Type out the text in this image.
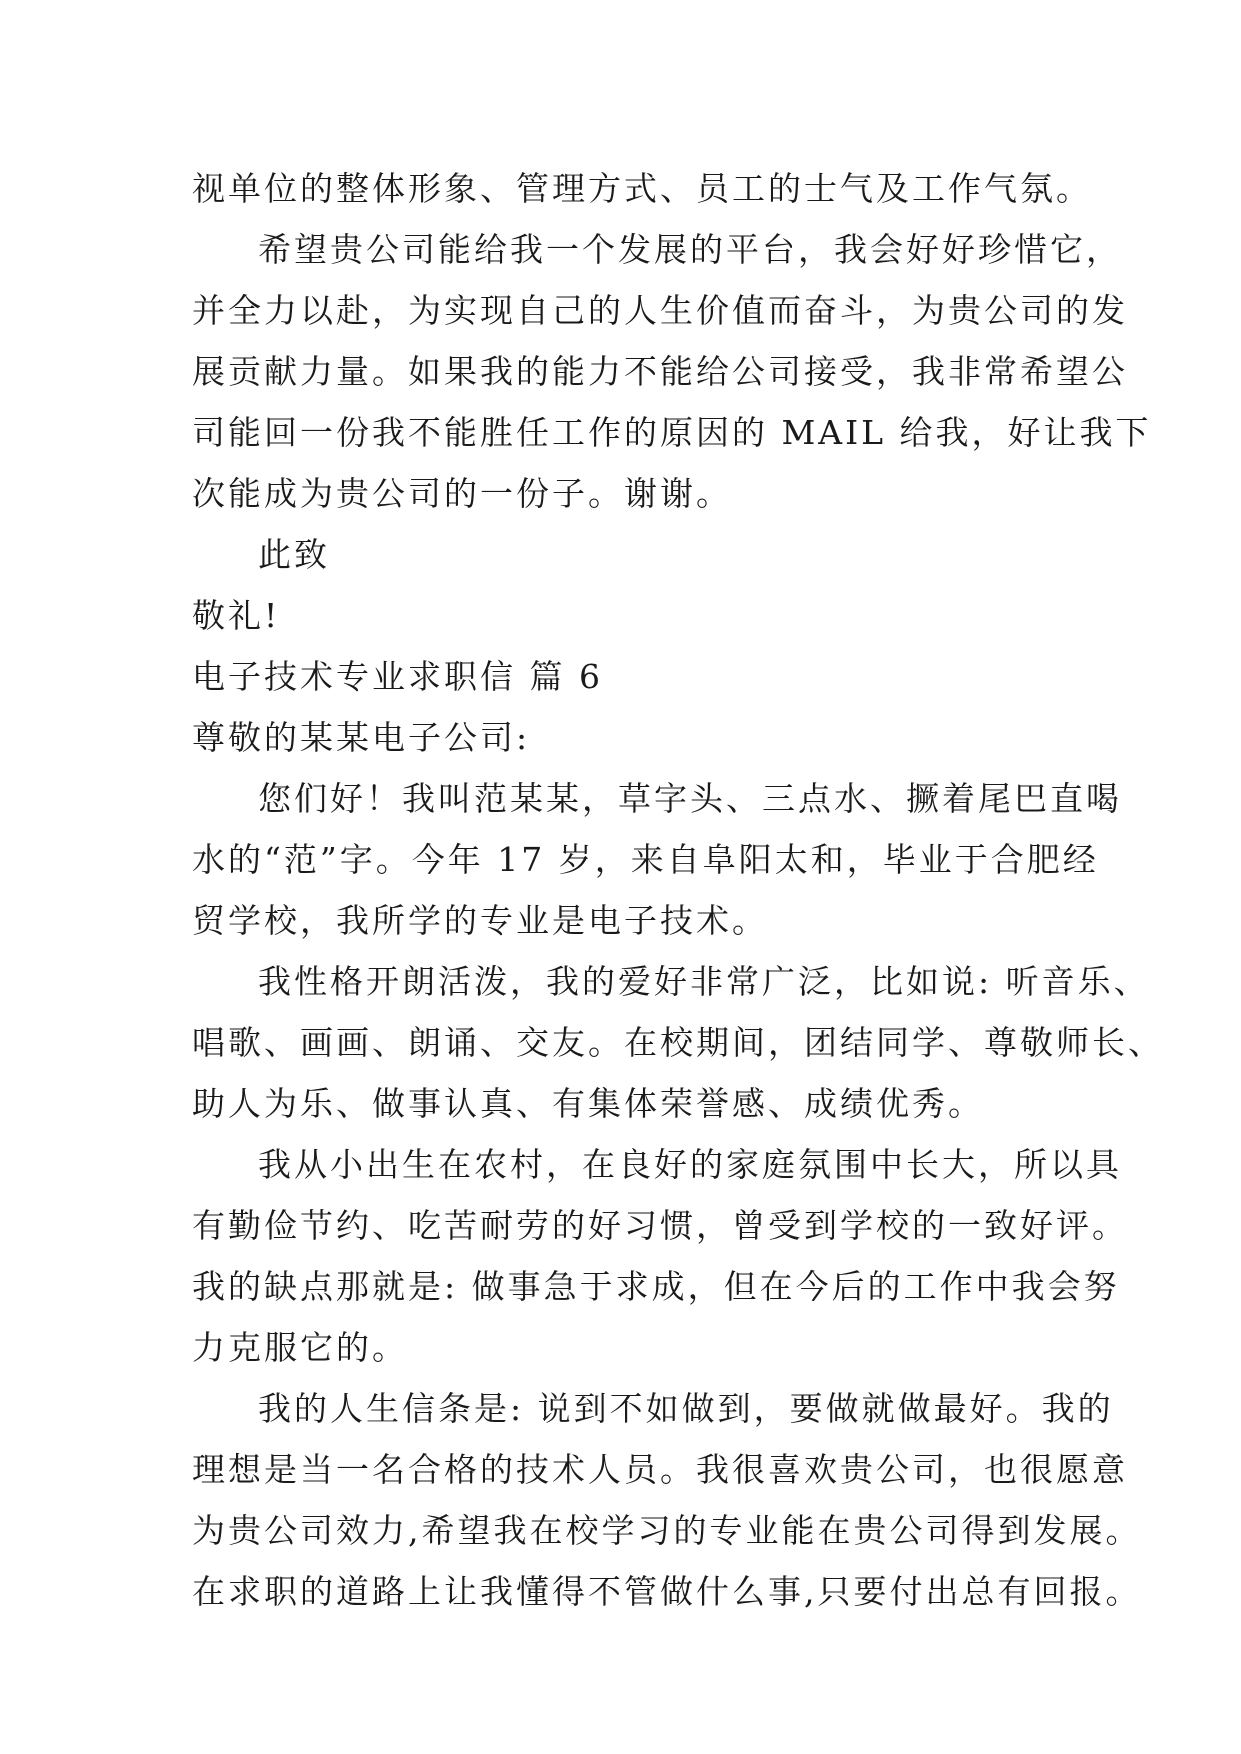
视单位的整体形象、管理方式、员工的士气及工作气氛。
希望贵公司能给我一个发展的平台，我会好好珍惜它，
并全力以赴，为实现自己的人生价值而奋斗，为贵公司的发
展贡献力量。如果我的能力不能给公司接受，我非常希望公
司能回一份我不能胜任工作的原因的 MAIL 给我，好让我下
次能成为贵公司的一份子。谢谢。
此致
敬礼!
电子技术专业求职信 篇 6
尊敬的某某电子公司:
您们好！我叫范某某，草字头、三点水、撅着尾巴直喝
水的“范”字。今年 17 岁，来自阜阳太和，毕业于合肥经
贸学校，我所学的专业是电子技术。
我性格开朗活泼，我的爱好非常广泛，比如说: 听音乐、
唱歌、画画、朗诵、交友。在校期间，团结同学、尊敬师长、
助人为乐、做事认真、有集体荣誉感、成绩优秀。
我从小出生在农村，在良好的家庭氛围中长大，所以具
有勤俭节约、吃苦耐劳的好习惯，曾受到学校的一致好评。
我的缺点那就是: 做事急于求成，但在今后的工作中我会努
力克服它的。
我的人生信条是: 说到不如做到，要做就做最好。我的
理想是当一名合格的技术人员。我很喜欢贵公司，也很愿意
为贵公司效力,希望我在校学习的专业能在贵公司得到发展。
在求职的道路上让我懂得不管做什么事,只要付出总有回报。
